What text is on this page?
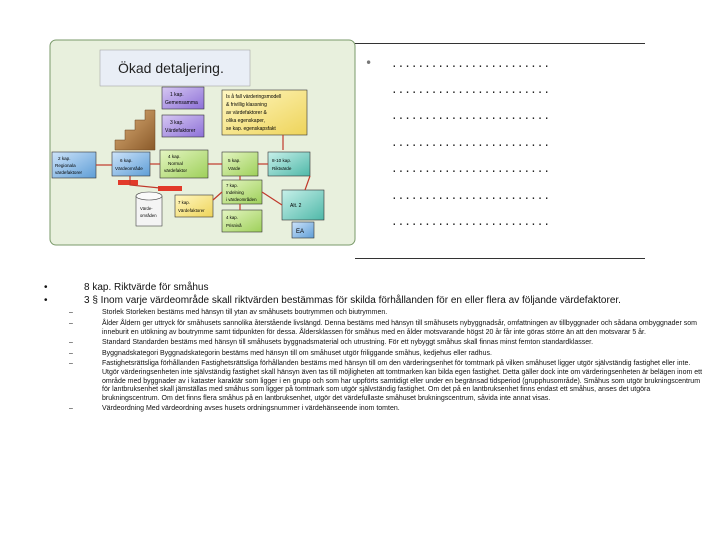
Ökad detaljering.
1 kap.
Gemensamma
3 kap.
Värdefaktorer
Is å fall värderingsmodell
& frivillig klassning
av värdefaktorer &
olika egenskaper,
se kap. egenskapsfakt
2 kap.
Regionala
värdefaktorer
6 kap.
Värdeområde
4 kap.
Normal
värdefaktor
5 kap.
Värde
8-10 kap.
Riktvärde
7 kap.
Indelning
i värdeområden
4 kap.
Prisnivå
7 kap.
Värdefaktorer
Värde-
områden
Alt. 2
EA
• ........................
........................
........................
........................
........................
........................
........................
•	8 kap. Riktvärde för småhus
•	3 § Inom varje värdeområde skall riktvärden bestämmas för skilda förhållanden för en eller flera av följande värdefaktorer.
–	Storlek Storleken bestäms med hänsyn till ytan av småhusets boutrymmen och biutrymmen.
–	Ålder Åldern ger uttryck för småhusets sannolika återstående livslängd. Denna bestäms med hänsyn till småhusets nybyggnadsår, omfattningen av tillbyggnader och sådana ombyggnader som inneburit en utökning av boutrymme samt tidpunkten för dessa. Åldersklassen för småhus med en ålder motsvarande högst 20 år får inte göras större än att den motsvarar 5 år.
–	Standard Standarden bestäms med hänsyn till småhusets byggnadsmaterial och utrustning. För ett nybyggt småhus skall finnas minst femton standardklasser.
–	Byggnadskategori Byggnadskategorin bestäms med hänsyn till om småhuset utgör friliggande småhus, kedjehus eller radhus.
–	Fastighetsrättsliga förhållanden Fastighetsrättsliga förhållanden bestäms med hänsyn till om den värderingsenhet för tomtmark på vilken småhuset ligger utgör självständig fastighet eller inte. Utgör värderingsenheten inte självständig fastighet skall hänsyn även tas till möjligheten att tomtmarken kan bilda egen fastighet. Detta gäller dock inte om värderingsenheten är belägen inom ett område med byggnader av i kataster karaktär som ligger i en grupp och som har uppförts samtidigt eller under en begränsad tidsperiod (grupphusområde). Småhus som utgör brukningscentrum för lantbruksenhet skall jämställas med småhus som ligger på tomtmark som utgör självständig fastighet. Om det på en lantbruksenhet finns endast ett småhus, anses det utgöra brukningscentrum. Om det finns flera småhus på en lantbruksenhet, utgör det värdefullaste småhuset brukningscentrum, såvida inte annat visas.
–	Värdeordning Med värdeordning avses husets ordningsnummer i värdehänseende inom tomten.
